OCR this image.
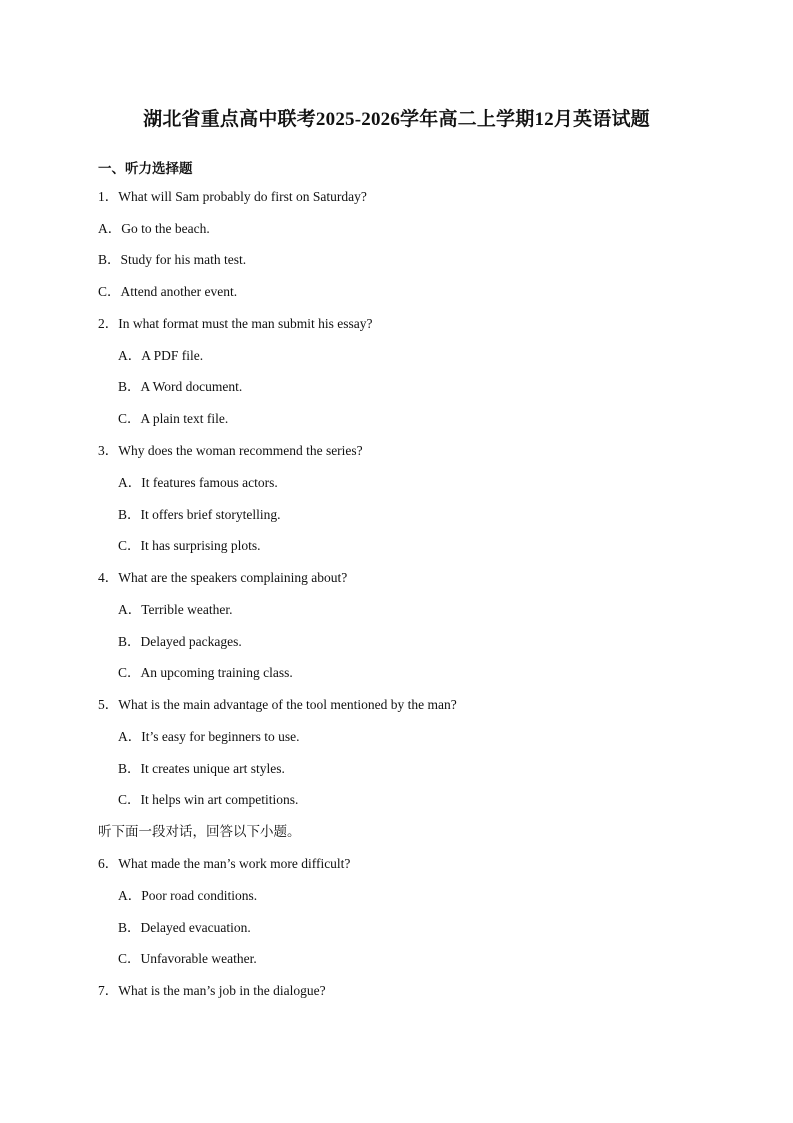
湖北省重点高中联考2025-2026学年高二上学期12月英语试题
一、听力选择题
1．What will Sam probably do first on Saturday?
A．Go to the beach.
B．Study for his math test.
C．Attend another event.
2．In what format must the man submit his essay?
A．A PDF file.
B．A Word document.
C．A plain text file.
3．Why does the woman recommend the series?
A．It features famous actors.
B．It offers brief storytelling.
C．It has surprising plots.
4．What are the speakers complaining about?
A．Terrible weather.
B．Delayed packages.
C．An upcoming training class.
5．What is the main advantage of the tool mentioned by the man?
A．It’s easy for beginners to use.
B．It creates unique art styles.
C．It helps win art competitions.
听下面一段对话，回答以下小题。
6．What made the man’s work more difficult?
A．Poor road conditions.
B．Delayed evacuation.
C．Unfavorable weather.
7．What is the man’s job in the dialogue?
